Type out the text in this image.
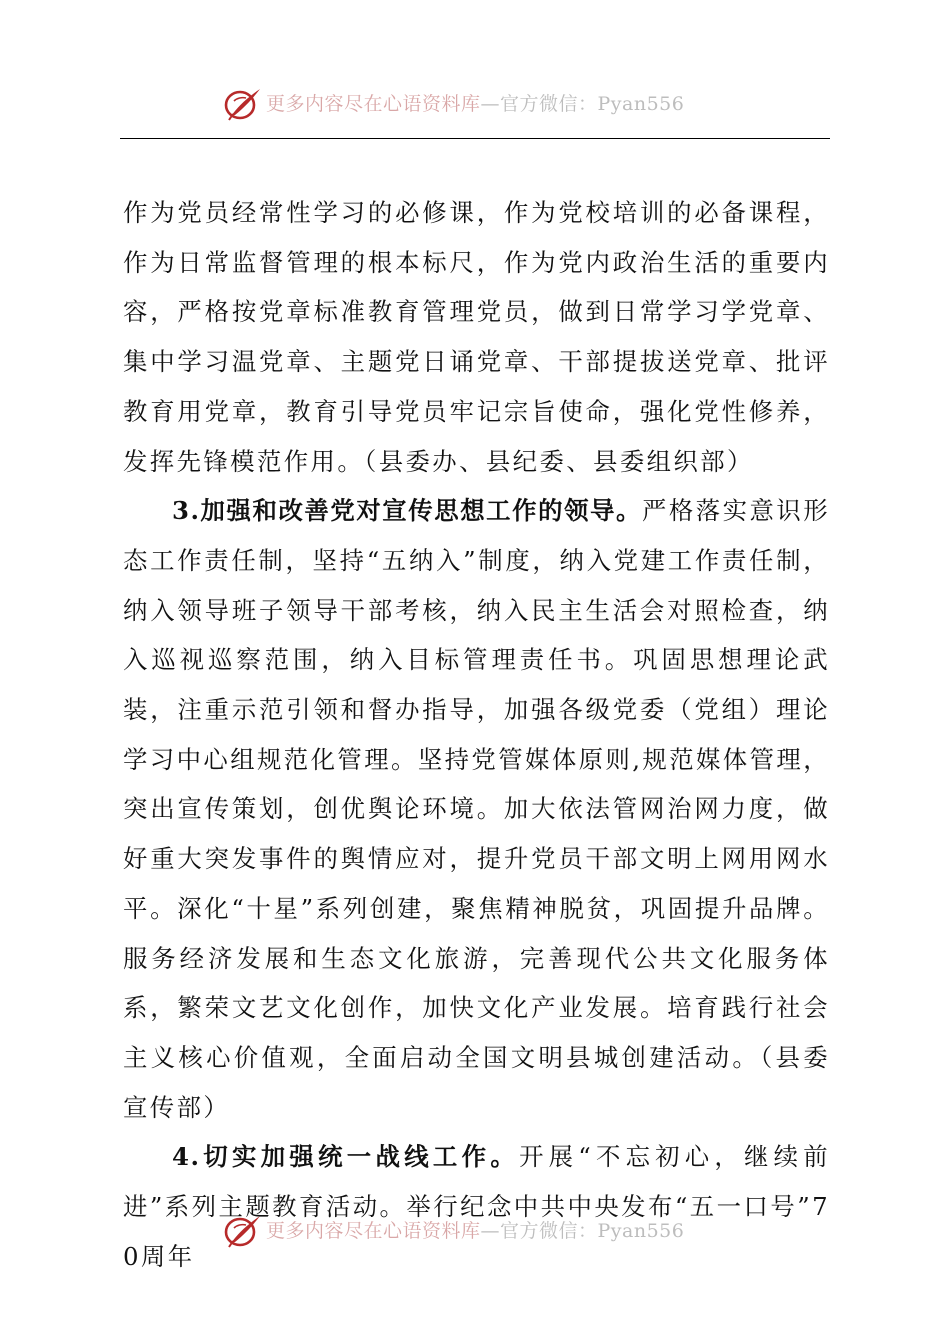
更多内容尽在心语资料库—官方微信：Pyan556

作为党员经常性学习的必修课，作为党校培训的必备课程，作为日常监督管理的根本标尺，作为党内政治生活的重要内容，严格按党章标准教育管理党员，做到日常学习学党章、集中学习温党章、主题党日诵党章、干部提拔送党章、批评教育用党章，教育引导党员牢记宗旨使命，强化党性修养，发挥先锋模范作用。（县委办、县纪委、县委组织部）

3.加强和改善党对宣传思想工作的领导。严格落实意识形态工作责任制，坚持“五纳入”制度，纳入党建工作责任制，纳入领导班子领导干部考核，纳入民主生活会对照检查，纳入巡视巡察范围，纳入目标管理责任书。巩固思想理论武装，注重示范引领和督办指导，加强各级党委（党组）理论学习中心组规范化管理。坚持党管媒体原则,规范媒体管理，突出宣传策划，创优舆论环境。加大依法管网治网力度，做好重大突发事件的舆情应对，提升党员干部文明上网用网水平。深化“十星”系列创建，聚焦精神脱贫，巩固提升品牌。服务经济发展和生态文化旅游，完善现代公共文化服务体系，繁荣文艺文化创作，加快文化产业发展。培育践行社会主义核心价值观，全面启动全国文明县城创建活动。（县委宣传部）

4.切实加强统一战线工作。开展“不忘初心，继续前进”系列主题教育活动。举行纪念中共中央发布“五一口号”70周年

更多内容尽在心语资料库—官方微信：Pyan556
